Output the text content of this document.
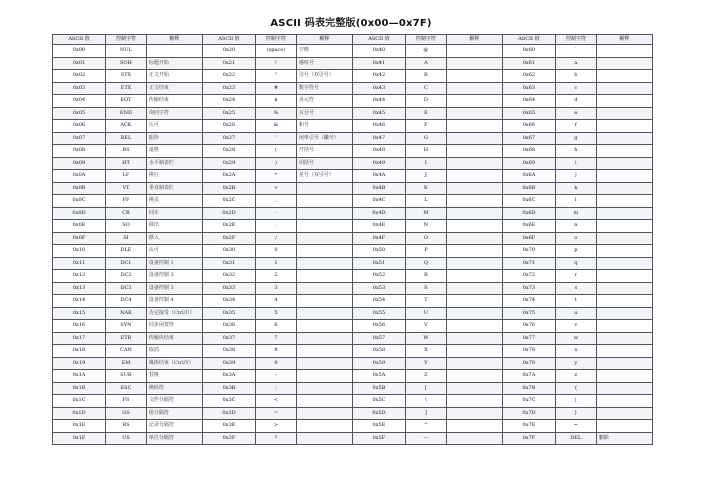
ASCII 码表完整版(0x00—0x7F)
ASCII 值	控制字符	解释	ASCII 值	控制字符	解释	ASCII 值	控制字符	解释	ASCII 值	控制字符	解释
0x00	NUL		0x20	(space)	空格	0x40	@		0x60	`	
0x01	SOH	标题开始	0x21	!	感叹号	0x41	A		0x61	a	
0x02	STX	正文开始	0x22	"	引号（双引号）	0x42	B		0x62	b	
0x03	ETX	正文结束	0x23	#	数字符号	0x43	C		0x63	c	
0x04	EOT	传输结束	0x24	$	美元符	0x44	D		0x64	d	
0x05	END	询问字符	0x25	%	百分号	0x45	E		0x65	e	
0x06	ACK	认可	0x26	&	和号	0x46	F		0x66	f	
0x07	BEL	振铃	0x27	'	闭单引号（撇号）	0x47	G		0x67	g	
0x08	BS	退格	0x28	(	开括号	0x48	H		0x68	h	
0x09	HT	水平制表栏	0x29	)	闭括号	0x49	I		0x69	i	
0x0A	LF	换行	0x2A	*	星号（双引号）	0x4A	J		0x6A	j	
0x0B	VT	垂直制表栏	0x2B	+		0x4B	K		0x6B	k	
0x0C	FF	换页	0x2C	,		0x4C	L		0x6C	l	
0x0D	CR	回车	0x2D	-		0x4D	M		0x6D	m	
0x0E	SO	移出	0x2E	.		0x4E	N		0x6E	n	
0x0F	SI	移入	0x2F	/		0x4F	O		0x6F	o	
0x10	DLE	认可	0x30	0		0x50	P		0x70	p	
0x11	DC1	设备控制 1	0x31	1		0x51	Q		0x71	q	
0x12	DC2	设备控制 2	0x32	2		0x52	R		0x72	r	
0x13	DC3	设备控制 3	0x33	3		0x53	S		0x73	s	
0x14	DC4	设备控制 4	0x34	4		0x54	T		0x74	t	
0x15	NAK	否定接受（Ctrl/U）	0x35	5		0x55	U		0x75	u	
0x16	SYN	同步闲置符	0x36	6		0x56	V		0x76	v	
0x17	ETB	传输块结束	0x37	7		0x57	W		0x77	w	
0x18	CAN	取消	0x38	8		0x58	X		0x78	x	
0x19	EM	媒体结束（Ctrl/Y）	0x39	9		0x59	Y		0x79	y	
0x1A	SUB	替换	0x3A	:		0x5A	Z		0x7A	z	
0x1B	ESC	换码符	0x3B	;		0x5B	[		0x7B	{	
0x1C	FS	文件分隔符	0x3C	<		0x5C	\		0x7C	|	
0x1D	GS	组分隔符	0x3D	=		0x5D	]		0x7D	}	
0x1E	RS	记录分隔符	0x3E	>		0x5E	^		0x7E	~	
0x1F	US	单位分隔符	0x3F	?		0x5F	—		0x7F	DEL	删除
